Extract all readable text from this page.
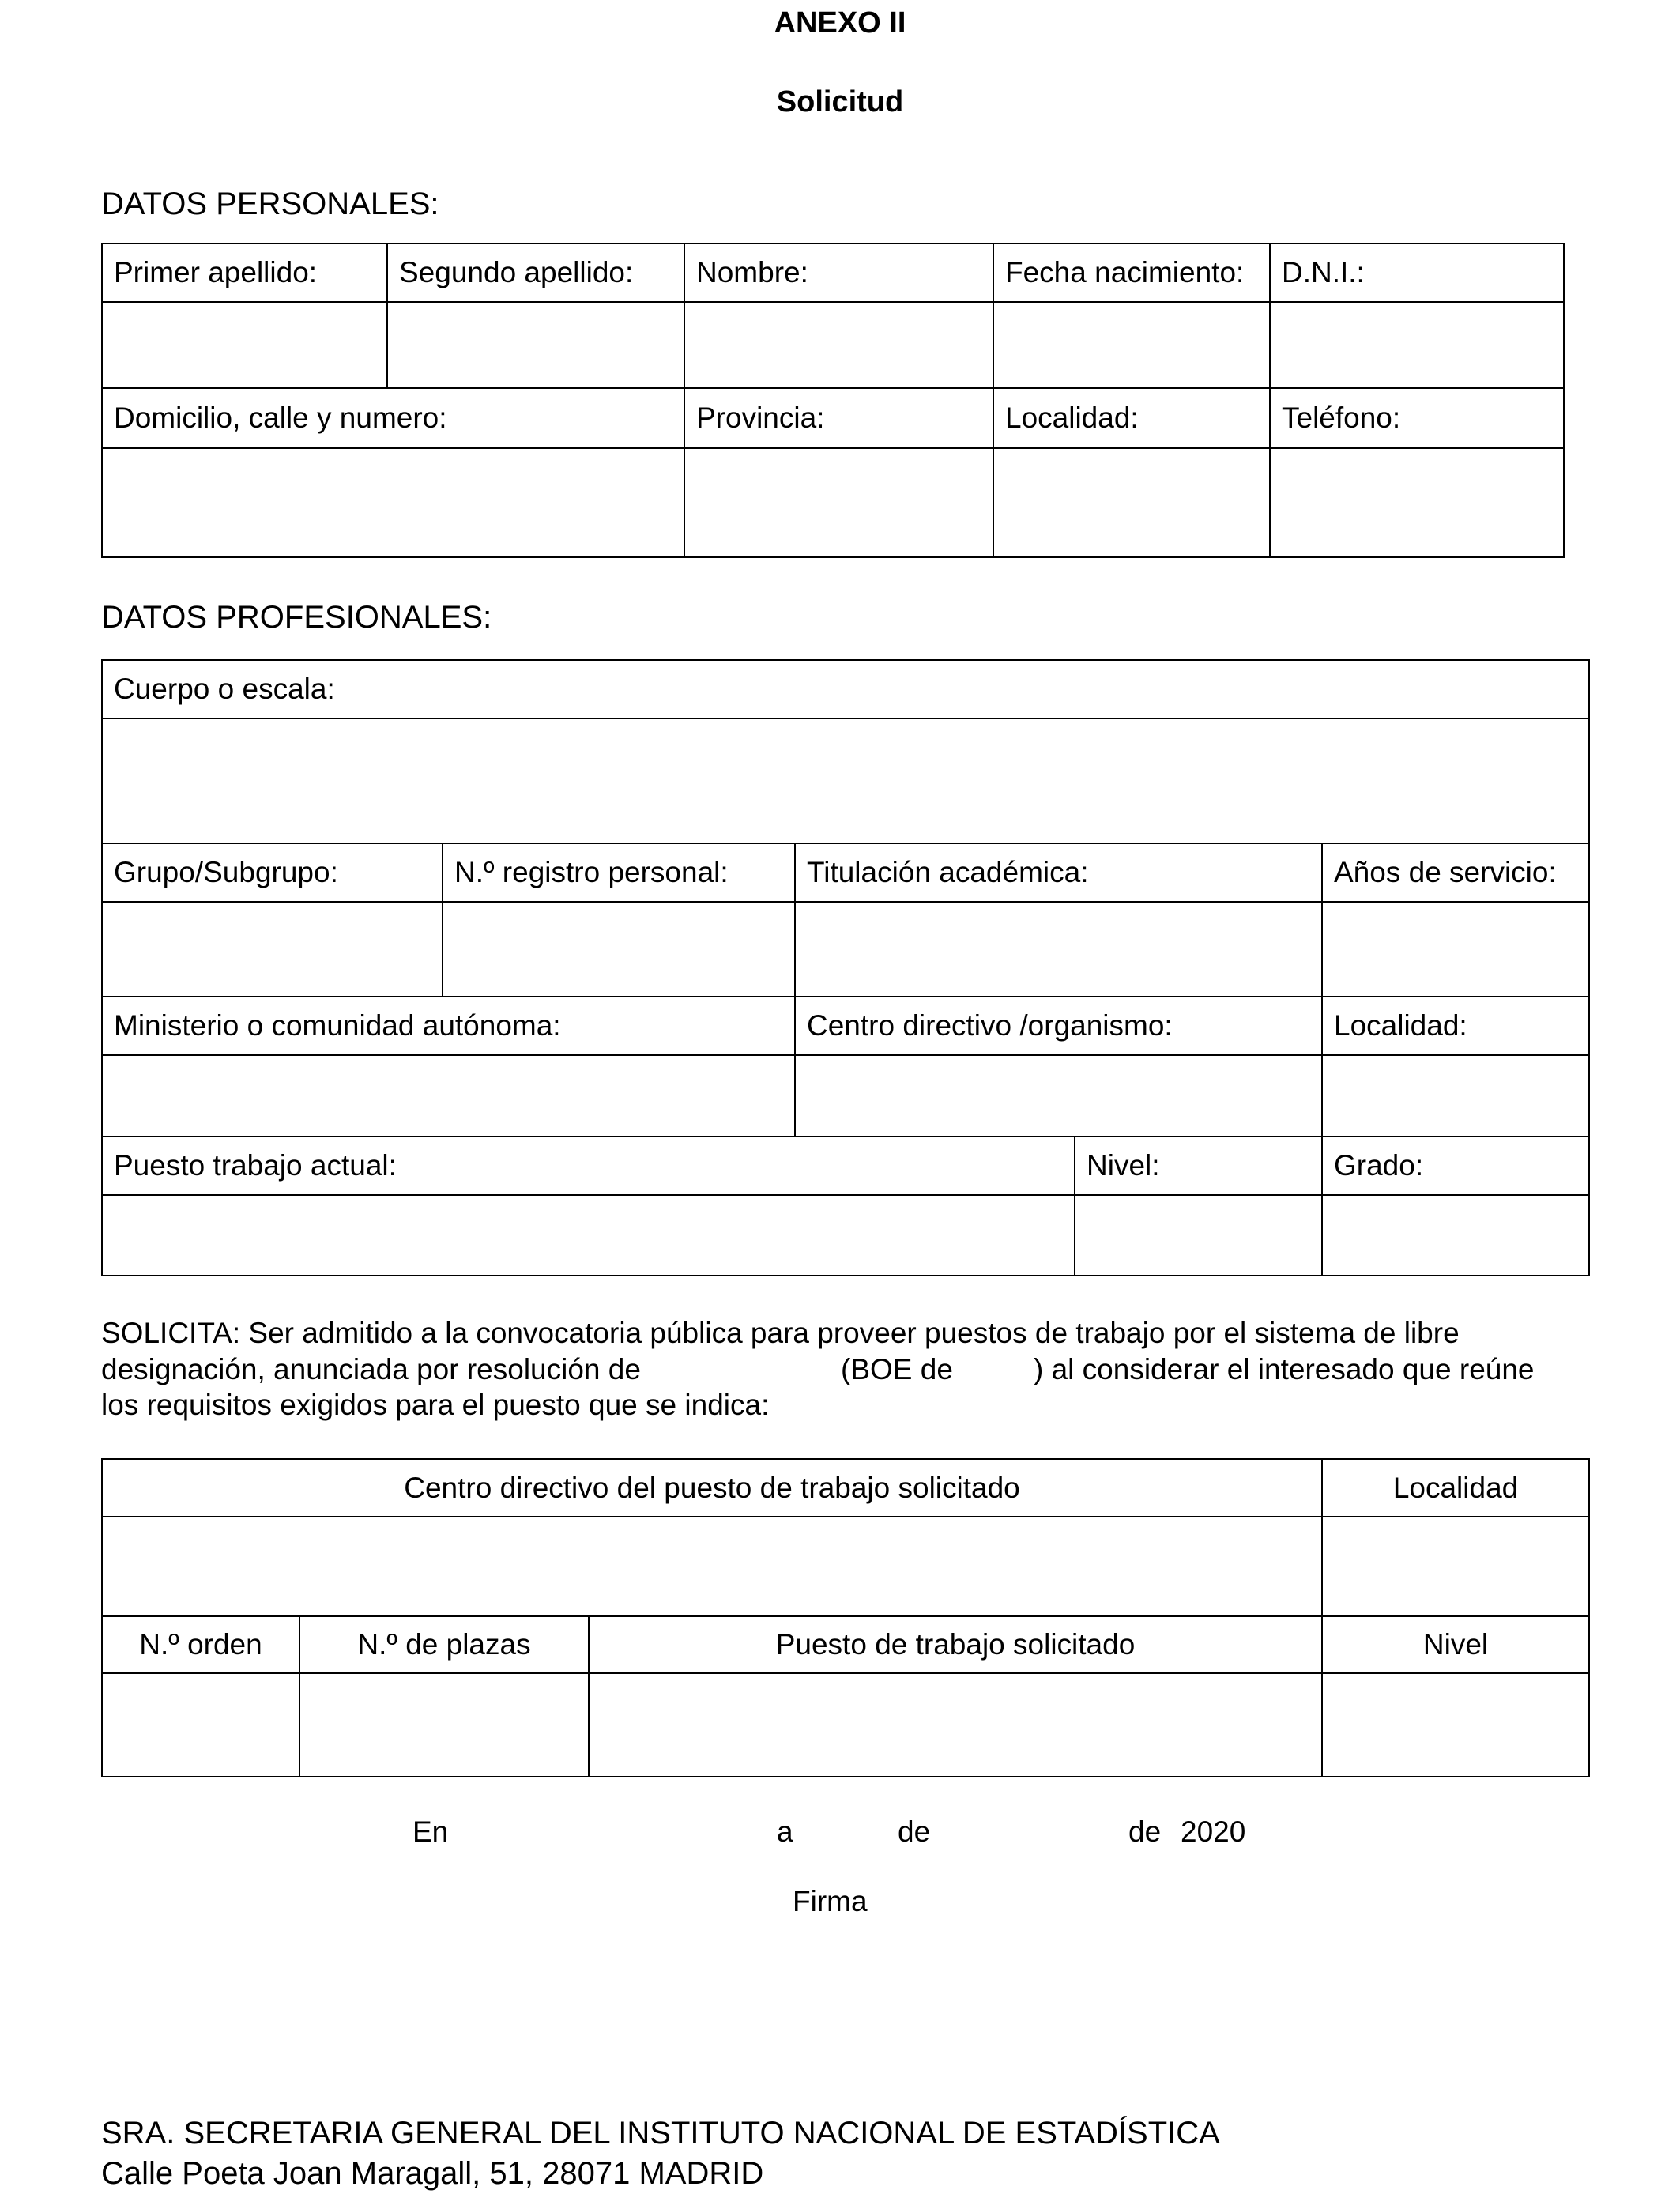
ANEXO II
Solicitud
DATOS PERSONALES:
Primer apellido:	Segundo apellido:	Nombre:	Fecha nacimiento:	D.N.I.:

Domicilio, calle y numero:		Provincia:	Localidad:	Teléfono:

DATOS PROFESIONALES:
Cuerpo o escala:				

Grupo/Subgrupo:	N.º registro personal:	Titulación académica:		Años de servicio:

Ministerio o comunidad autónoma:		Centro directivo /organismo:		Localidad:

Puesto trabajo actual:			Nivel:	Grado:

SOLICITA: Ser admitido a la convocatoria pública para proveer puestos de trabajo por el sistema de libre
designación, anunciada por resolución de	(BOE de	) al considerar el interesado que reúne
los requisitos exigidos para el puesto que se indica:
Centro directivo del puesto de trabajo solicitado			Localidad

N.º orden	N.º de plazas	Puesto de trabajo solicitado	Nivel

En	a	de	de 2020
Firma
SRA. SECRETARIA GENERAL DEL INSTITUTO NACIONAL DE ESTADÍSTICA
Calle Poeta Joan Maragall, 51, 28071 MADRID
